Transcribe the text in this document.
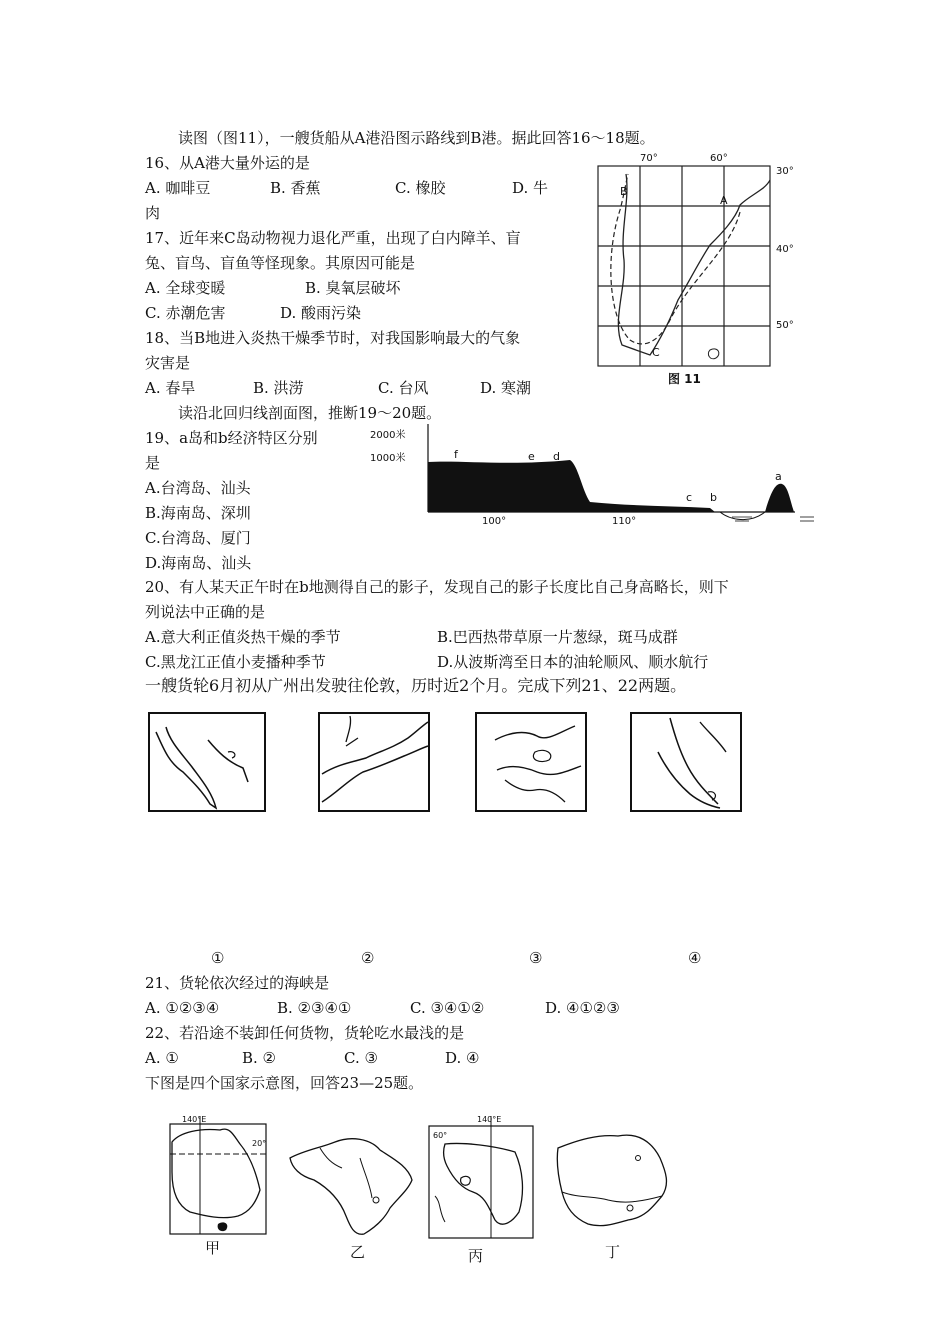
读图（图11），一艘货船从A港沿图示路线到B港。据此回答16～18题。
16、从A港大量外运的是
A. 咖啡豆	B. 香蕉	C. 橡胶	D. 牛
肉
17、近年来C岛动物视力退化严重，出现了白内障羊、盲
兔、盲鸟、盲鱼等怪现象。其原因可能是
A. 全球变暖	B. 臭氧层破坏
C. 赤潮危害	D. 酸雨污染
18、当B地进入炎热干燥季节时，对我国影响最大的气象
灾害是
A. 春旱	B. 洪涝	C. 台风	D. 寒潮
70°	60°
30°
40°
50°
A
B
C
图 11
读沿北回归线剖面图，推断19～20题。
19、a岛和b经济特区分别
是
A.台湾岛、汕头
B.海南岛、深圳
C.台湾岛、厦门
D.海南岛、汕头
2000米
1000米
100°	110°
f	e d
c b
a
20、有人某天正午时在b地测得自己的影子，发现自己的影子长度比自己身高略长，则下
列说法中正确的是
A.意大利正值炎热干燥的季节	B.巴西热带草原一片葱绿，斑马成群
C.黑龙江正值小麦播种季节	D.从波斯湾至日本的油轮顺风、顺水航行
一艘货轮6月初从广州出发驶往伦敦，历时近2个月。完成下列21、22两题。
①	②	③	④
21、货轮依次经过的海峡是
A. ①②③④	B. ②③④①	C. ③④①②	D. ④①②③
22、若沿途不装卸任何货物，货轮吃水最浅的是
A. ①	B. ②	C. ③	D. ④
下图是四个国家示意图，回答23—25题。
140°E
20°
140°E
60°
甲	乙	丙	丁
